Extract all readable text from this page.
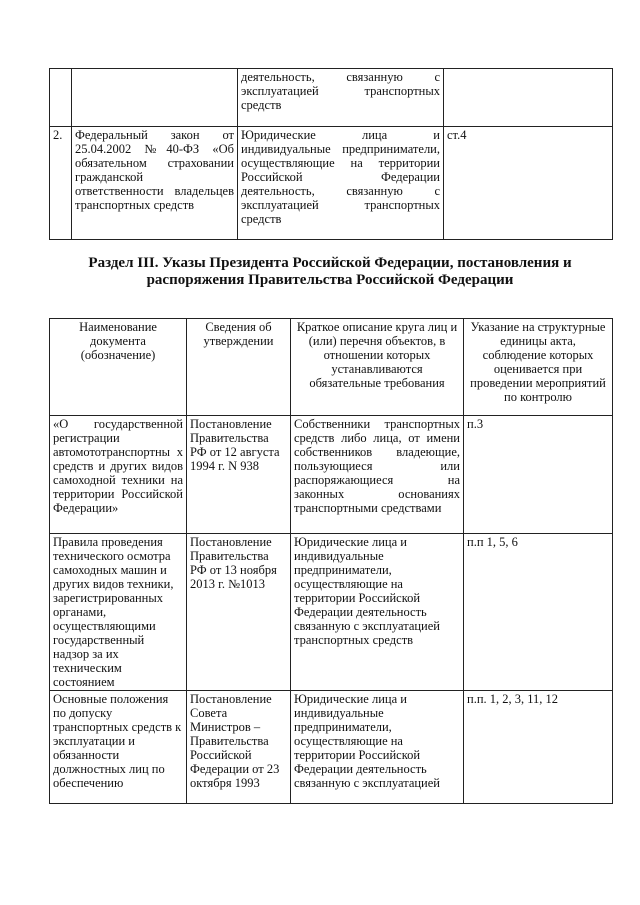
		деятельность, связанную с эксплуатацией транспортных средств	
2.	Федеральный закон от 25.04.2002 №40-ФЗ «Об обязательном страховании гражданской ответственности владельцев транспортных средств	Юридические лица и индивидуальные предприниматели, осуществляющие на территории Российской Федерации деятельность, связанную с эксплуатацией транспортных средств	ст.4
Раздел III. Указы Президента Российской Федерации, постановления и распоряжения Правительства Российской Федерации
Наименование документа (обозначение)	Сведения об утверждении	Краткое описание круга лиц и (или) перечня объектов, в отношении которых устанавливаются обязательные требования	Указание на структурные единицы акта, соблюдение которых оценивается при проведении мероприятий по контролю
«О государственной регистрации автомототранспортны х средств и других видов самоходной техники на территории Российской Федерации»	Постановление Правительства РФ от 12 августа 1994 г. N 938	Собственники транспортных средств либо лица, от имени собственников владеющие, пользующиеся или распоряжающиеся на законных основаниях транспортными средствами	п.3
Правила проведения технического осмотра самоходных машин и других видов техники, зарегистрированных органами, осуществляющими государственный надзор за их техническим состоянием	Постановление Правительства РФ от 13 ноября 2013 г. №1013	Юридические лица и индивидуальные предприниматели, осуществляющие на территории Российской Федерации деятельность связанную с эксплуатацией транспортных средств	п.п 1, 5, 6
Основные положения по допуску транспортных средств к эксплуатации и обязанности должностных лиц по обеспечению	Постановление Совета Министров – Правительства Российской Федерации от 23 октября 1993	Юридические лица и индивидуальные предприниматели, осуществляющие на территории Российской Федерации деятельность связанную с эксплуатацией	п.п. 1, 2, 3, 11, 12
